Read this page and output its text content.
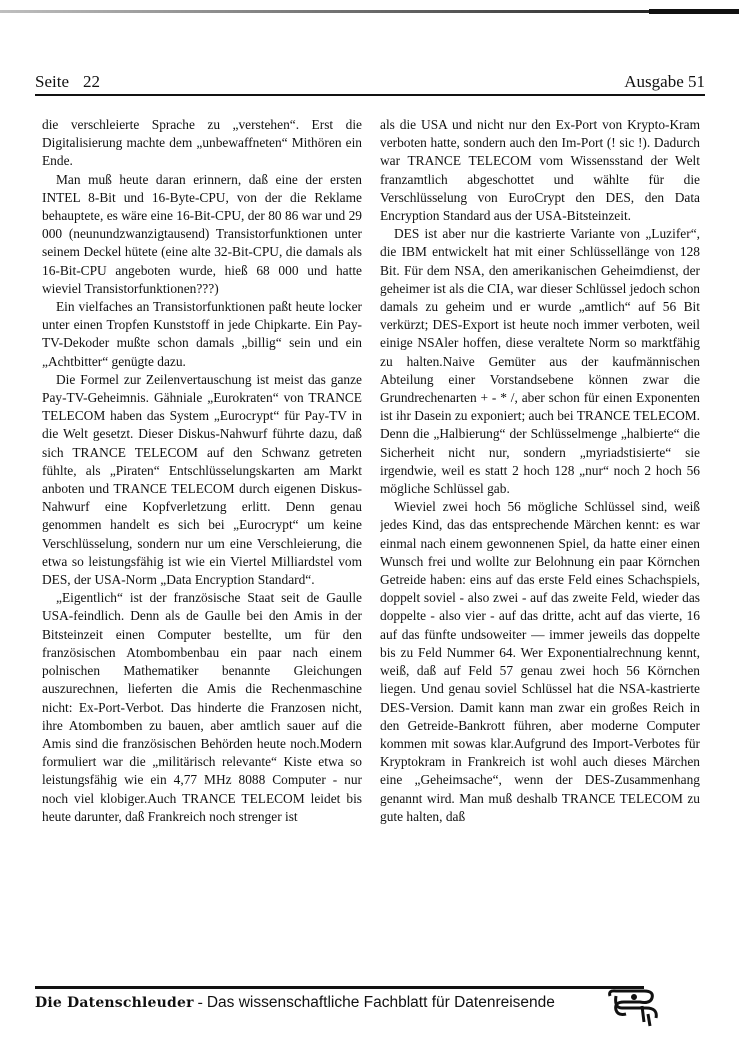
Seite 22	Ausgabe 51

die verschleierte Sprache zu „verstehen“. Erst die Digitalisierung machte dem „unbewaffneten“ Mithören ein Ende.

Man muß heute daran erinnern, daß eine der ersten INTEL 8-Bit und 16-Byte-CPU, von der die Reklame behauptete, es wäre eine 16-Bit-CPU, der 80 86 war und 29 000 (neunundzwanzigtausend) Transistorfunktionen unter seinem Deckel hütete (eine alte 32-Bit-CPU, die damals als 16-Bit-CPU angeboten wurde, hieß 68 000 und hatte wieviel Transistorfunktionen???)

Ein vielfaches an Transistorfunktionen paßt heute locker unter einen Tropfen Kunststoff in jede Chipkarte. Ein Pay-TV-Dekoder mußte schon damals „billig“ sein und ein „Achtbitter“ genügte dazu.

Die Formel zur Zeilenvertauschung ist meist das ganze Pay-TV-Geheimnis. Gähniale „Eurokraten“ von TRANCE TELECOM haben das System „Eurocrypt“ für Pay-TV in die Welt gesetzt. Dieser Diskus-Nahwurf führte dazu, daß sich TRANCE TELECOM auf den Schwanz getreten fühlte, als „Piraten“ Entschlüsselungskarten am Markt anboten und TRANCE TELECOM durch eigenen Diskus-Nahwurf eine Kopfverletzung erlitt. Denn genau genommen handelt es sich bei „Eurocrypt“ um keine Verschlüsselung, sondern nur um eine Verschleierung, die etwa so leistungsfähig ist wie ein Viertel Milliardstel vom DES, der USA-Norm „Data Encryption Standard“.

„Eigentlich“ ist der französische Staat seit de Gaulle USA-feindlich. Denn als de Gaulle bei den Amis in der Bitsteinzeit einen Computer bestellte, um für den französischen Atombombenbau ein paar nach einem polnischen Mathematiker benannte Gleichungen auszurechnen, lieferten die Amis die Rechenmaschine nicht: Ex-Port-Verbot. Das hinderte die Franzosen nicht, ihre Atombomben zu bauen, aber amtlich sauer auf die Amis sind die französischen Behörden heute noch.Modern formuliert war die „militärisch relevante“ Kiste etwa so leistungsfähig wie ein 4,77 MHz 8088 Computer - nur noch viel klobiger.Auch TRANCE TELECOM leidet bis heute darunter, daß Frankreich noch strenger ist

als die USA und nicht nur den Ex-Port von Krypto-Kram verboten hatte, sondern auch den Im-Port (! sic !). Dadurch war TRANCE TELECOM vom Wissensstand der Welt franzamtlich abgeschottet und wählte für die Verschlüsselung von EuroCrypt den DES, den Data Encryption Standard aus der USA-Bitsteinzeit.

DES ist aber nur die kastrierte Variante von „Luzifer“, die IBM entwickelt hat mit einer Schlüssellänge von 128 Bit. Für dem NSA, den amerikanischen Geheimdienst, der geheimer ist als die CIA, war dieser Schlüssel jedoch schon damals zu geheim und er wurde „amtlich“ auf 56 Bit verkürzt; DES-Export ist heute noch immer verboten, weil einige NSAler hoffen, diese veraltete Norm so marktfähig zu halten.Naive Gemüter aus der kaufmännischen Abteilung einer Vorstandsebene können zwar die Grundrechenarten + - * /, aber schon für einen Exponenten ist ihr Dasein zu exponiert; auch bei TRANCE TELECOM. Denn die „Halbierung“ der Schlüsselmenge „halbierte“ die Sicherheit nicht nur, sondern „myriadstisierte“ sie irgendwie, weil es statt 2 hoch 128 „nur“ noch 2 hoch 56 mögliche Schlüssel gab.

Wieviel zwei hoch 56 mögliche Schlüssel sind, weiß jedes Kind, das das entsprechende Märchen kennt: es war einmal nach einem gewonnenen Spiel, da hatte einer einen Wunsch frei und wollte zur Belohnung ein paar Körnchen Getreide haben: eins auf das erste Feld eines Schachspiels, doppelt soviel - also zwei - auf das zweite Feld, wieder das doppelte - also vier - auf das dritte, acht auf das vierte, 16 auf das fünfte undsoweiter — immer jeweils das doppelte bis zu Feld Nummer 64. Wer Exponentialrechnung kennt, weiß, daß auf Feld 57 genau zwei hoch 56 Körnchen liegen. Und genau soviel Schlüssel hat die NSA-kastrierte DES-Version. Damit kann man zwar ein großes Reich in den Getreide-Bankrott führen, aber moderne Computer kommen mit sowas klar.Aufgrund des Import-Verbotes für Kryptokram in Frankreich ist wohl auch dieses Märchen eine „Geheimsache“, wenn der DES-Zusammenhang genannt wird. Man muß deshalb TRANCE TELECOM zu gute halten, daß

Die Datenschleuder - Das wissenschaftliche Fachblatt für Datenreisende
